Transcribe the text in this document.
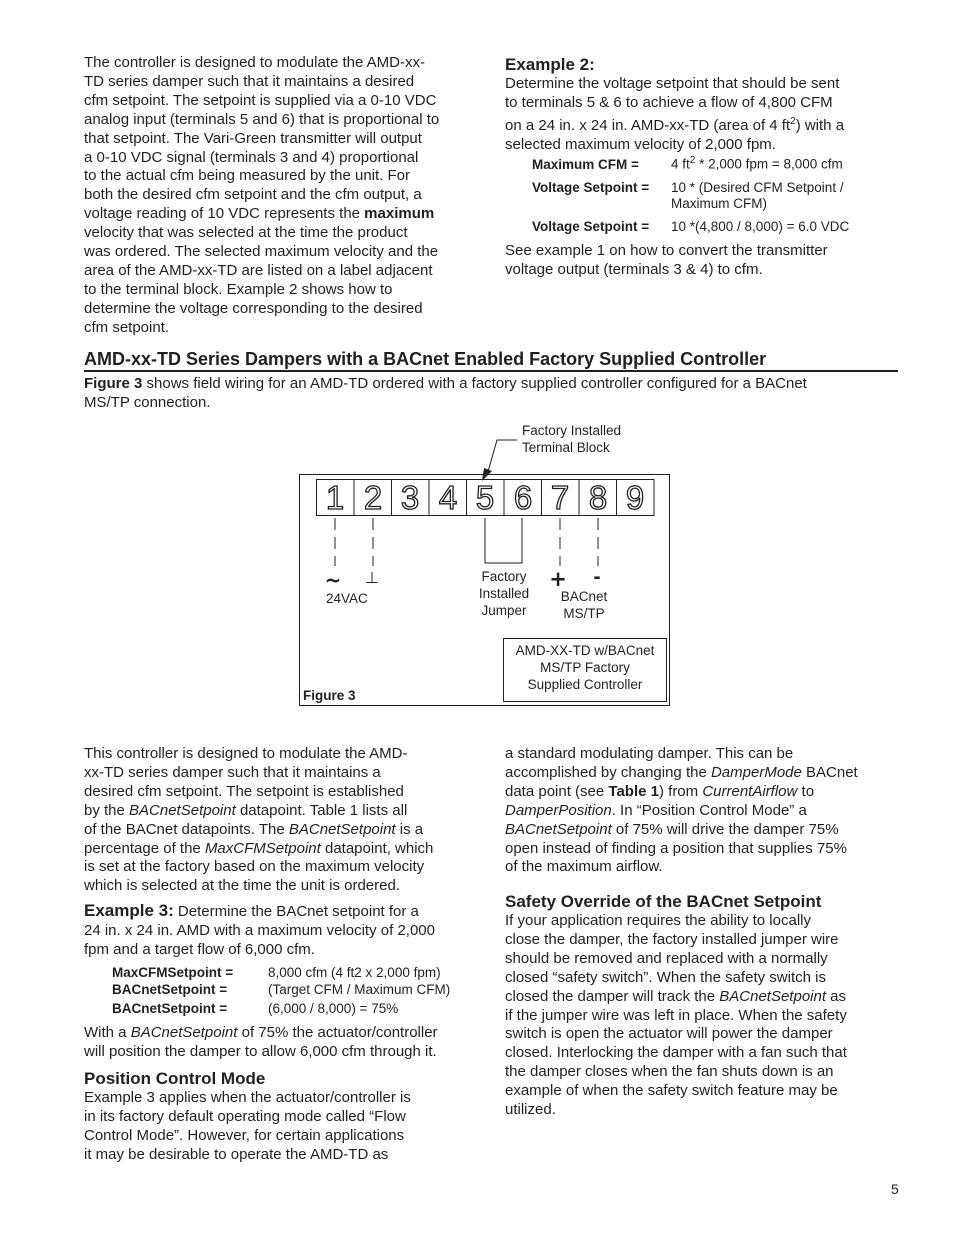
The controller is designed to modulate the AMD-xx-
TD series damper such that it maintains a desired
cfm setpoint. The setpoint is supplied via a 0-10 VDC
analog input (terminals 5 and 6) that is proportional to
that setpoint. The Vari-Green transmitter will output
a 0-10 VDC signal (terminals 3 and 4) proportional
to the actual cfm being measured by the unit. For
both the desired cfm setpoint and the cfm output, a
voltage reading of 10 VDC represents the maximum
velocity that was selected at the time the product
was ordered. The selected maximum velocity and the
area of the AMD-xx-TD are listed on a label adjacent
to the terminal block. Example 2 shows how to
determine the voltage corresponding to the desired
cfm setpoint.
Example 2:
Determine the voltage setpoint that should be sent
to terminals 5 & 6 to achieve a flow of 4,800 CFM
on a 24 in. x 24 in. AMD-xx-TD (area of 4 $ft^2$) with a
selected maximum velocity of 2,000 fpm.
Maximum CFM = 4 $ft^2 * 2,000$ fpm = 8,000 cfm
Voltage Setpoint = 10 * (Desired CFM Setpoint /
Maximum CFM)
Voltage Setpoint = 10 *(4,800 / 8,000) = 6.0 VDC
See example 1 on how to convert the transmitter
voltage output (terminals 3 & 4) to cfm.
AMD-xx-TD Series Dampers with a BACnet Enabled Factory Supplied Controller
Figure 3 shows field wiring for an AMD-TD ordered with a factory supplied controller configured for a BACnet
MS/TP connection.
Factory Installed
Terminal Block
1 2 3 4 5 6 7 8 9
~ ⊥	+ -
24VAC
Factory
Installed
Jumper
BACnet
MS/TP
AMD-XX-TD w/BACnet
MS/TP Factory
Supplied Controller
Figure 3
This controller is designed to modulate the AMD-
xx-TD series damper such that it maintains a
desired cfm setpoint. The setpoint is established
by the BACnetSetpoint datapoint. Table 1 lists all
of the BACnet datapoints. The BACnetSetpoint is a
percentage of the MaxCFMSetpoint datapoint, which
is set at the factory based on the maximum velocity
which is selected at the time the unit is ordered.
Example 3: Determine the BACnet setpoint for a
24 in. x 24 in. AMD with a maximum velocity of 2,000
fpm and a target flow of 6,000 cfm.
MaxCFMSetpoint =	8,000 cfm (4 ft2 x 2,000 fpm)
BACnetSetpoint =	(Target CFM / Maximum CFM)
BACnetSetpoint =	(6,000 / 8,000) = 75%
With a BACnetSetpoint of 75% the actuator/controller
will position the damper to allow 6,000 cfm through it.
Position Control Mode
Example 3 applies when the actuator/controller is
in its factory default operating mode called “Flow
Control Mode”. However, for certain applications
it may be desirable to operate the AMD-TD as
a standard modulating damper. This can be
accomplished by changing the DamperMode BACnet
data point (see Table 1) from CurrentAirflow to
DamperPosition. In “Position Control Mode” a
BACnetSetpoint of 75% will drive the damper 75%
open instead of finding a position that supplies 75%
of the maximum airflow.
Safety Override of the BACnet Setpoint
If your application requires the ability to locally
close the damper, the factory installed jumper wire
should be removed and replaced with a normally
closed “safety switch”. When the safety switch is
closed the damper will track the BACnetSetpoint as
if the jumper wire was left in place. When the safety
switch is open the actuator will power the damper
closed. Interlocking the damper with a fan such that
the damper closes when the fan shuts down is an
example of when the safety switch feature may be
utilized.
5
